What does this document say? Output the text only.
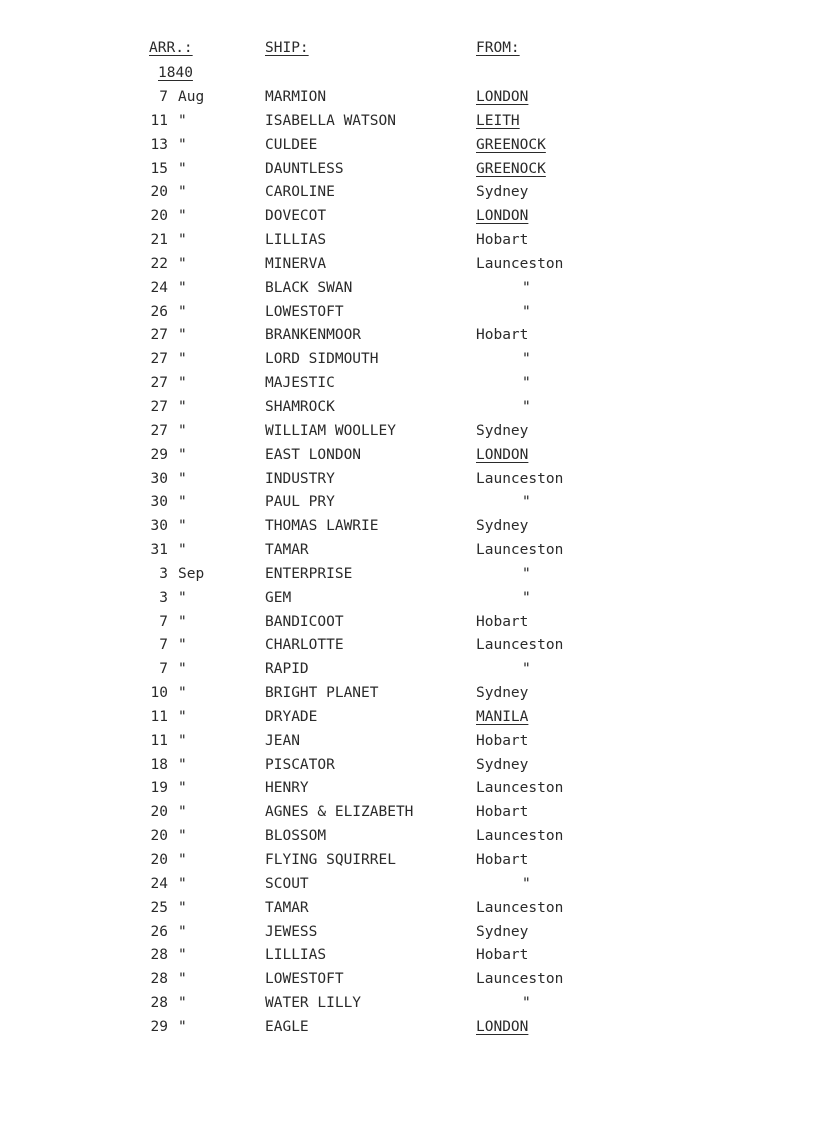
ARR.:	SHIP:	FROM:
1840
7 Aug	MARMION	LONDON
11 "	ISABELLA WATSON	LEITH
13 "	CULDEE	GREENOCK
15 "	DAUNTLESS	GREENOCK
20 "	CAROLINE	Sydney
20 "	DOVECOT	LONDON
21 "	LILLIAS	Hobart
22 "	MINERVA	Launceston
24 "	BLACK SWAN	"
26 "	LOWESTOFT	"
27 "	BRANKENMOOR	Hobart
27 "	LORD SIDMOUTH	"
27 "	MAJESTIC	"
27 "	SHAMROCK	"
27 "	WILLIAM WOOLLEY	Sydney
29 "	EAST LONDON	LONDON
30 "	INDUSTRY	Launceston
30 "	PAUL PRY	"
30 "	THOMAS LAWRIE	Sydney
31 "	TAMAR	Launceston
3 Sep	ENTERPRISE	"
3 "	GEM	"
7 "	BANDICOOT	Hobart
7 "	CHARLOTTE	Launceston
7 "	RAPID	"
10 "	BRIGHT PLANET	Sydney
11 "	DRYADE	MANILA
11 "	JEAN	Hobart
18 "	PISCATOR	Sydney
19 "	HENRY	Launceston
20 "	AGNES & ELIZABETH	Hobart
20 "	BLOSSOM	Launceston
20 "	FLYING SQUIRREL	Hobart
24 "	SCOUT	"
25 "	TAMAR	Launceston
26 "	JEWESS	Sydney
28 "	LILLIAS	Hobart
28 "	LOWESTOFT	Launceston
28 "	WATER LILLY	"
29 "	EAGLE	LONDON
